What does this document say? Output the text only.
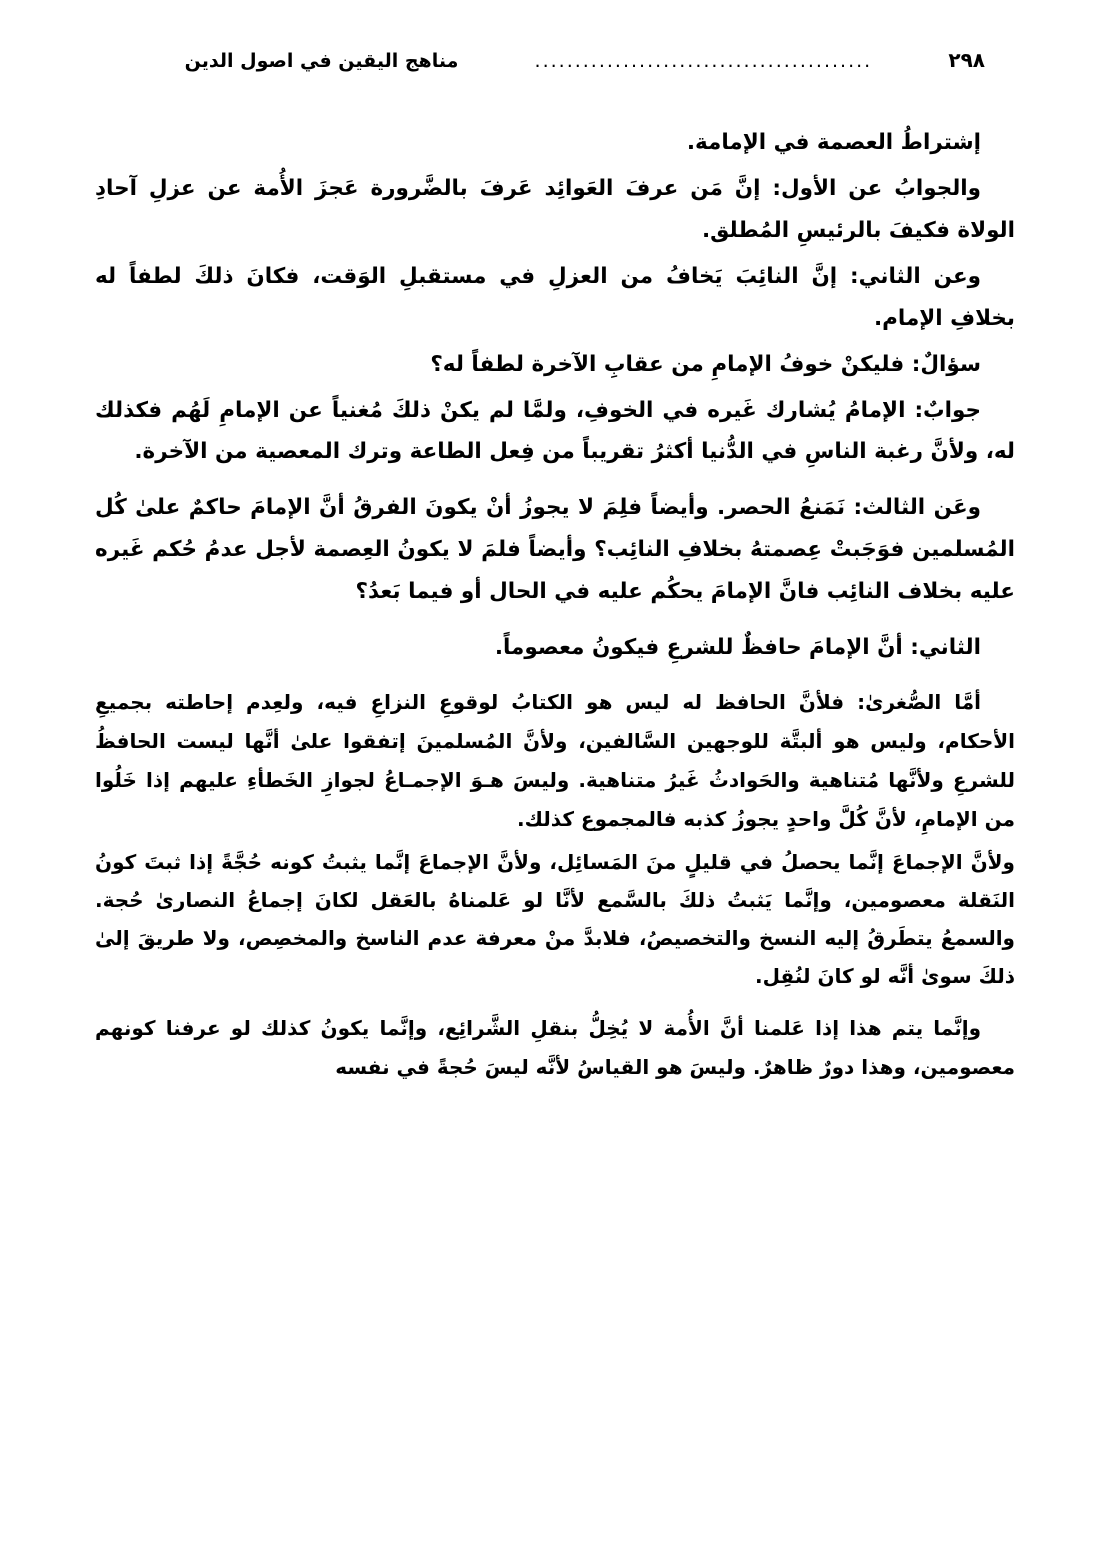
٢٩٨
..........................................
مناهج اليقين في اصول الدين

إشتراطُ العصمة في الإمامة.

والجوابُ عن الأول: إنَّ مَن عرفَ العَوائِد عَرفَ بالضَّرورة عَجزَ الأُمة عن عزلِ آحادِ الولاة فكيفَ بالرئيسِ المُطلق.

وعن الثاني: إنَّ النائِبَ يَخافُ من العزلِ في مستقبلِ الوَقت، فكانَ ذلكَ لطفاً له بخلافِ الإمام.

سؤالٌ: فليكنْ خوفُ الإمامِ من عقابِ الآخرة لطفاً له؟

جوابٌ: الإمامُ يُشارك غَيره في الخوفِ، ولمَّا لم يكنْ ذلكَ مُغنياً عن الإمامِ لَهُم فكذلك له، ولأنَّ رغبة الناسِ في الدُّنيا أكثرُ تقريباً من فِعل الطاعة وترك المعصية من الآخرة.

وعَن الثالث: نَمَنعُ الحصر. وأيضاً فلِمَ لا يجوزُ أنْ يكونَ الفرقُ أنَّ الإمامَ حاكمٌ علىٰ كُل المُسلمين فوَجَبتْ عِصمتهُ بخلافِ النائِب؟ وأيضاً فلمَ لا يكونُ العِصمة لأجل عدمُ حُكم غَيره عليه بخلاف النائِب فانَّ الإمامَ يحكُم عليه في الحال أو فيما بَعدُ؟

الثاني: أنَّ الإمامَ حافظٌ للشرعِ فيكونُ معصوماً.

أمَّا الصُّغرىٰ: فلأنَّ الحافظ له ليس هو الكتابُ لوقوعِ النزاعِ فيه، ولعِدم إحاطته بجميعِ الأحكام، وليس هو ألبتَّة للوجهين السَّالفين، ولأنَّ المُسلمينَ إتفقوا علىٰ أنَّها ليست الحافظُ للشرعِ ولأنَّها مُتناهية والحَوادثُ غَيرُ متناهية. وليسَ هـوَ الإجمـاعُ لجوازِ الخَطأءِ عليهم إذا خَلُوا من الإمامِ، لأنَّ كُلَّ واحدٍ يجوزُ كذبه فالمجموع كذلك.

ولأنَّ الإجماعَ إنَّما يحصلُ في قليلٍ منَ المَسائِل، ولأنَّ الإجماعَ إنَّما يثبتُ كونه حُجَّةً إذا ثبتَ كونُ النَقلة معصومين، وإنَّما يَثبتُ ذلكَ بالسَّمع لأنَّا لو عَلمناهُ بالعَقل لكانَ إجماعُ النصارىٰ حُجة. والسمعُ يتطَرقُ إليه النسخ والتخصيصُ، فلابدَّ منْ معرفة عدم الناسخ والمخصِص، ولا طريقَ إلىٰ ذلكَ سوىٰ أنَّه لو كانَ لنُقِل.

وإنَّما يتم هذا إذا عَلمنا أنَّ الأُمة لا يُخِلُّ بنقلِ الشَّرائِع، وإنَّما يكونُ كذلك لو عرفنا كونهم معصومين، وهذا دورٌ ظاهرٌ. وليسَ هو القياسُ لأنَّه ليسَ حُجةً في نفسه
